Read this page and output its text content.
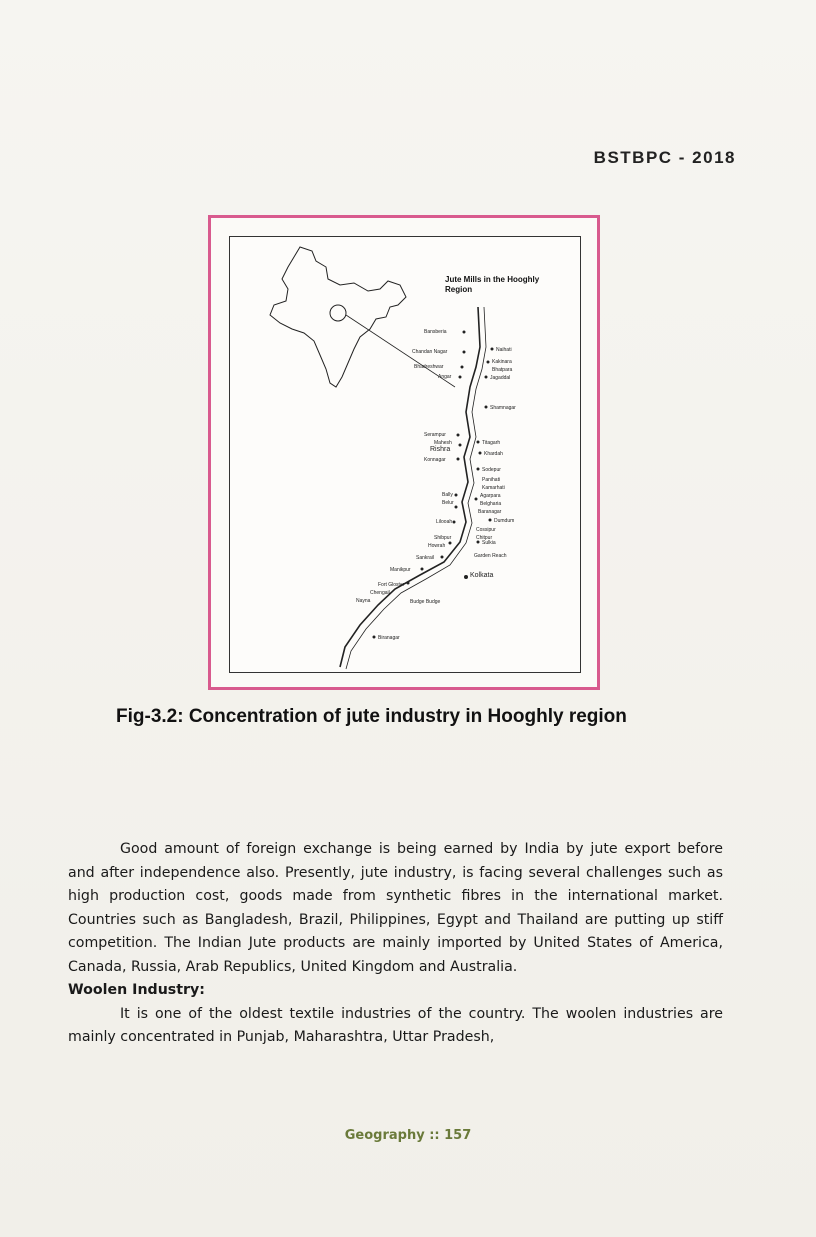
BSTBPC - 2018
Jute Mills in the Hooghly Region
Bansberia
Chandan Nagar
Bhadreshwar
Angar
Serampur
Mahesh
Rishra
Konnagar
Bally
Belur
Lilooah
Shibpur
Howrah
Sankrail
Manikpur
Fort Gloster
Chengail
Nayna	Budge Budge
Biranagar
Naihati
Kakinara
Bhatpara
Jagaddal
Shamnagar
Titagarh
Khardah
Sodepur
Panihati
Kamarhati
Agarpara
Belgharia
Baranagar
Dumdum
Cossipur
Chitpur
Sulkia
Garden Reach
Kolkata
Fig-3.2: Concentration of jute industry in Hooghly region

Good amount of foreign exchange is being earned by India by jute export before and after independence also. Presently, jute industry, is facing several challenges such as high production cost, goods made from synthetic fibres in the international market. Countries such as Bangladesh, Brazil, Philippines, Egypt and Thailand are putting up stiff competition. The Indian Jute products are mainly imported by United States of America, Canada, Russia, Arab Republics, United Kingdom and Australia.

Woolen Industry:

It is one of the oldest textile industries of the country. The woolen industries are mainly concentrated in Punjab, Maharashtra, Uttar Pradesh,

Geography :: 157
